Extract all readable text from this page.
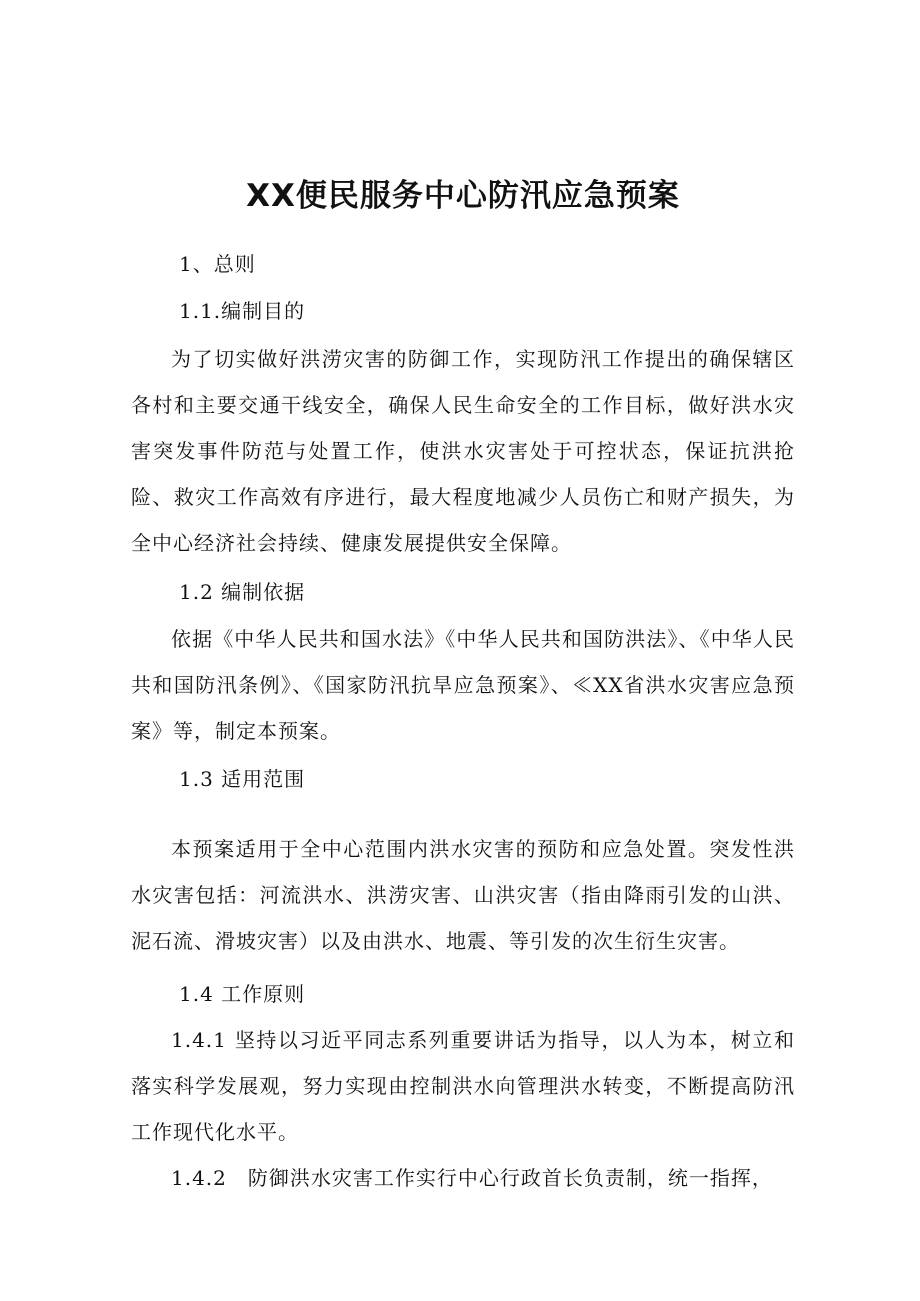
XX便民服务中心防汛应急预案

1、总则

1.1.编制目的

为了切实做好洪涝灾害的防御工作，实现防汛工作提出的确保辖区各村和主要交通干线安全，确保人民生命安全的工作目标，做好洪水灾害突发事件防范与处置工作，使洪水灾害处于可控状态，保证抗洪抢险、救灾工作高效有序进行，最大程度地减少人员伤亡和财产损失，为全中心经济社会持续、健康发展提供安全保障。

1.2 编制依据

依据《中华人民共和国水法》《中华人民共和国防洪法》、《中华人民共和国防汛条例》、《国家防汛抗旱应急预案》、≪XX省洪水灾害应急预案》等，制定本预案。

1.3 适用范围

本预案适用于全中心范围内洪水灾害的预防和应急处置。突发性洪水灾害包括：河流洪水、洪涝灾害、山洪灾害（指由降雨引发的山洪、泥石流、滑坡灾害）以及由洪水、地震、等引发的次生衍生灾害。

1.4 工作原则

1.4.1 坚持以习近平同志系列重要讲话为指导，以人为本，树立和落实科学发展观，努力实现由控制洪水向管理洪水转变，不断提高防汛工作现代化水平。

1.4.2　防御洪水灾害工作实行中心行政首长负责制，统一指挥，
